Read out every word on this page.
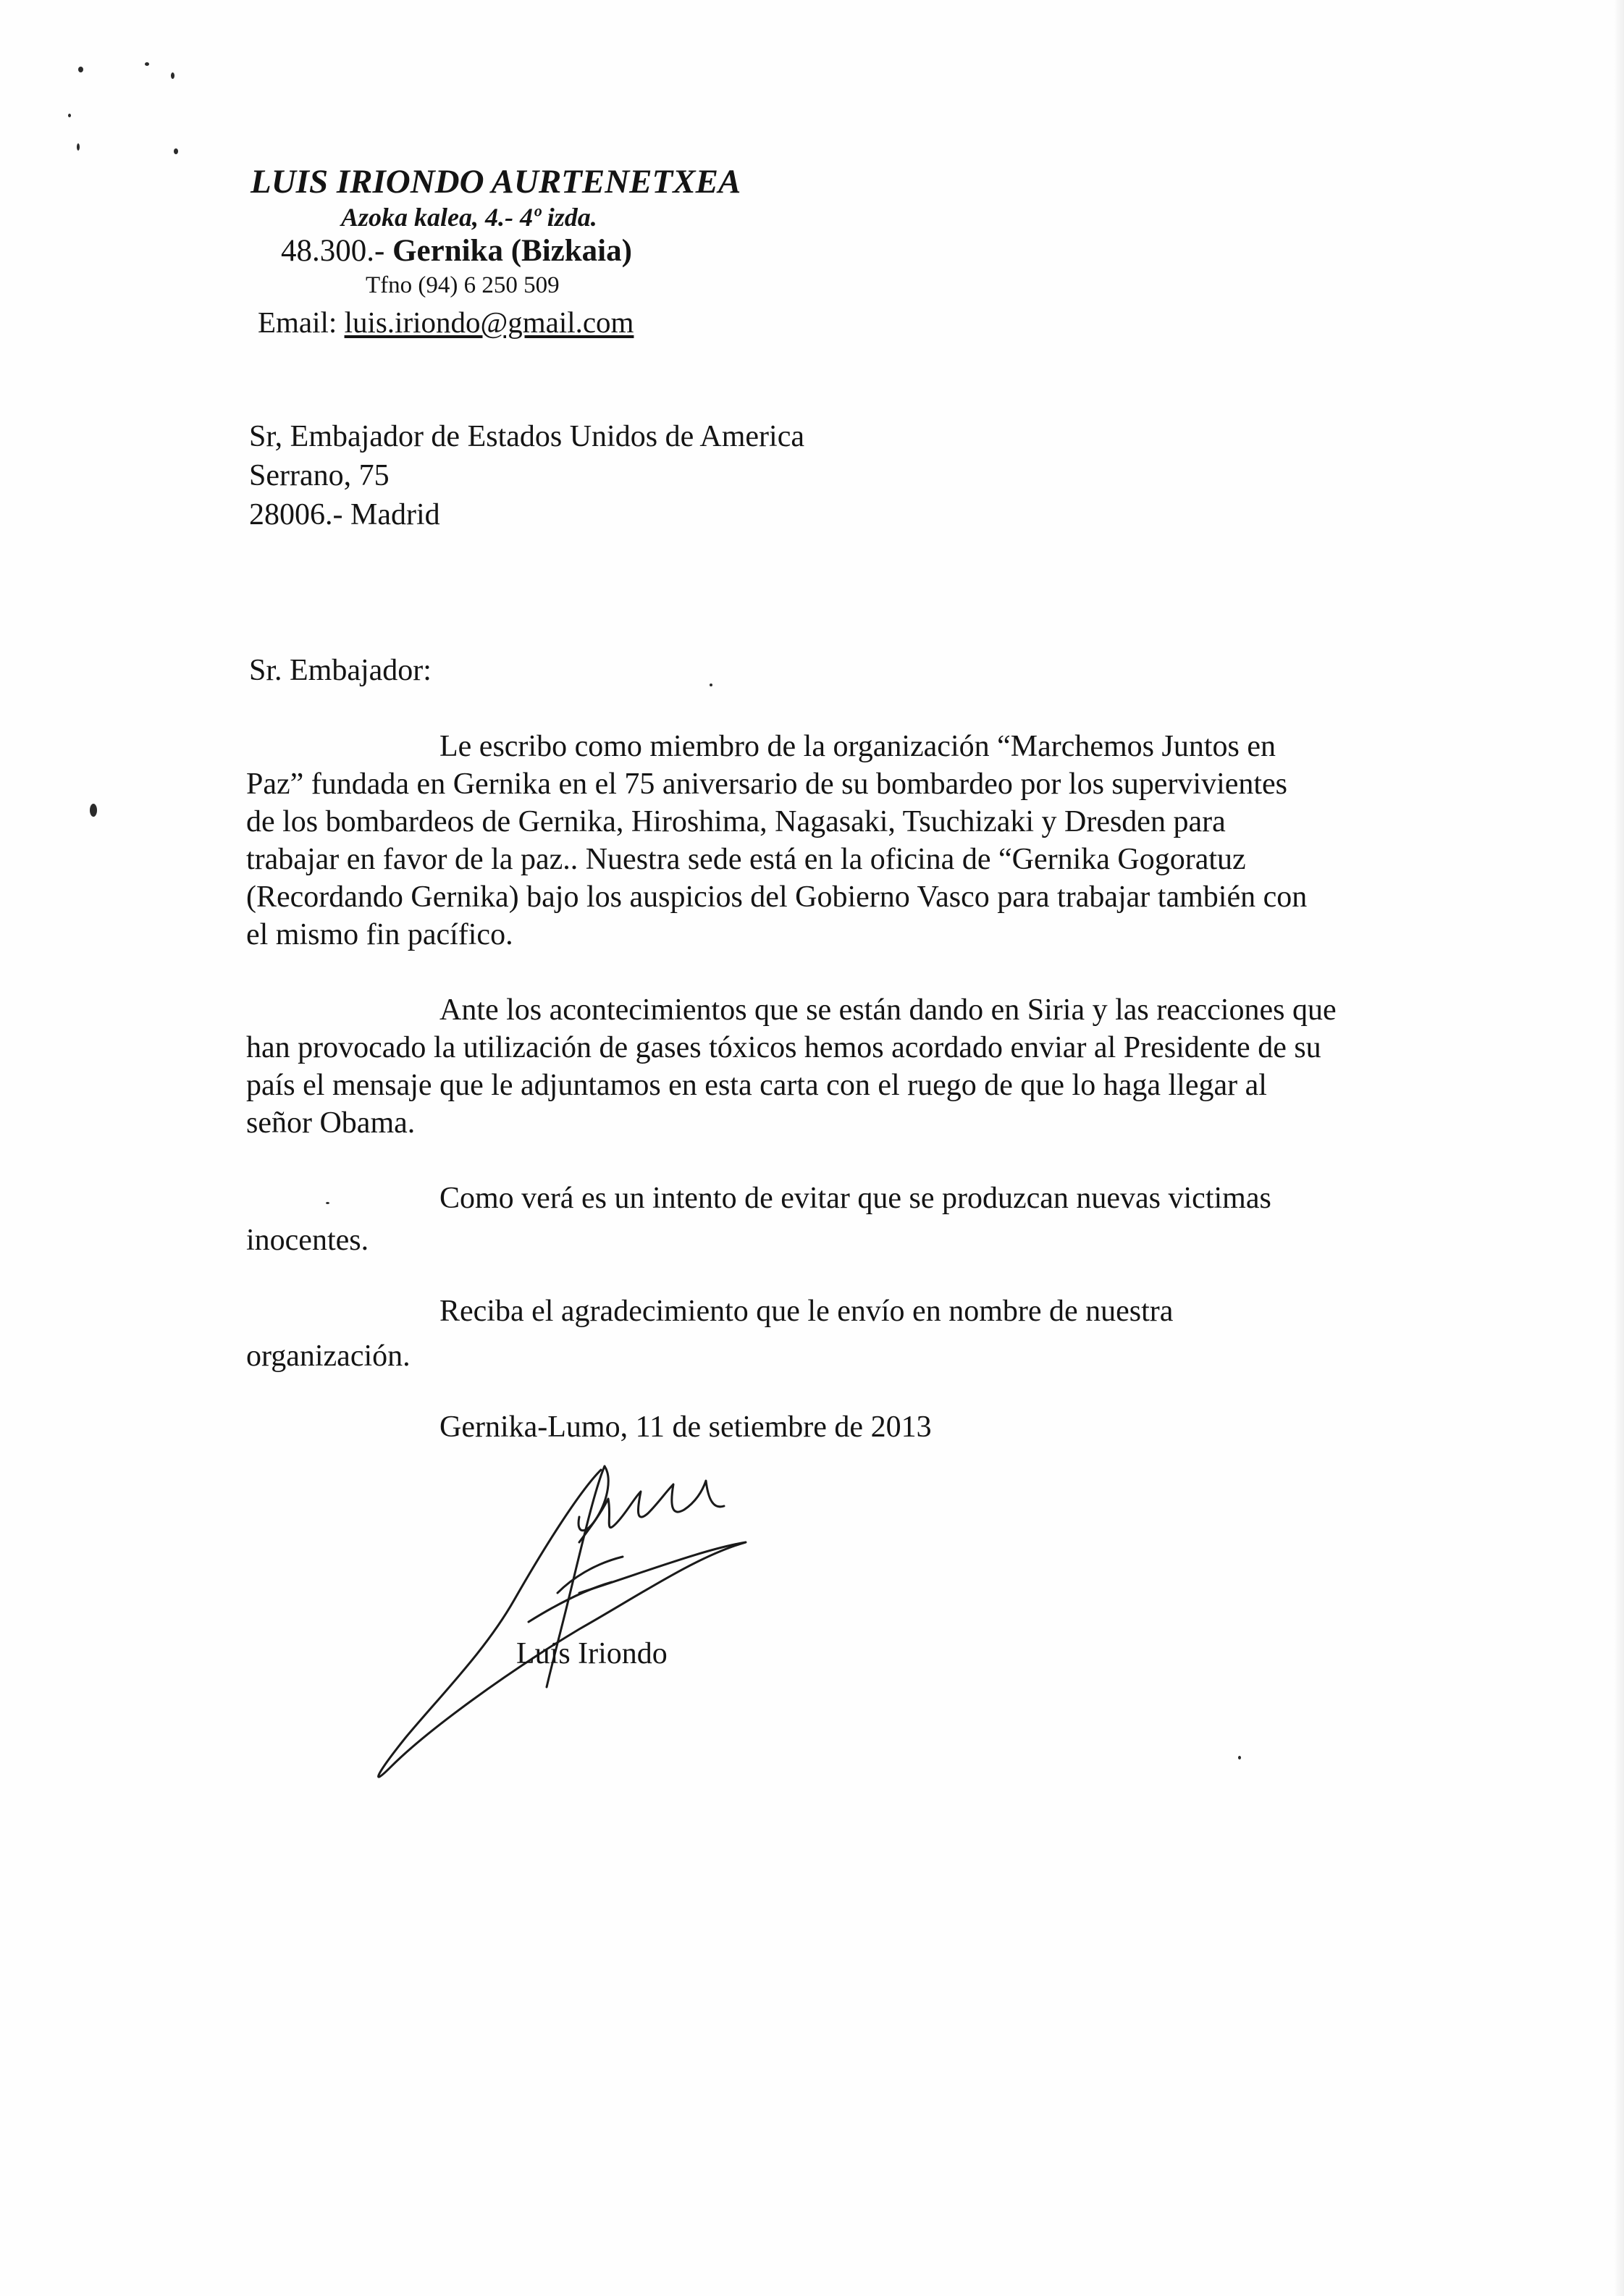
LUIS IRIONDO AURTENETXEA
Azoka kalea, 4.- 4º izda.
48.300.- Gernika (Bizkaia)
Tfno (94) 6 250 509
Email: luis.iriondo@gmail.com
Sr, Embajador de Estados Unidos de America
Serrano, 75
28006.- Madrid
Sr. Embajador:
Le escribo como miembro de la organización “Marchemos Juntos en
Paz” fundada en Gernika en el 75 aniversario de su bombardeo por los supervivientes
de los bombardeos de Gernika, Hiroshima, Nagasaki, Tsuchizaki y Dresden para
trabajar en favor de la paz.. Nuestra sede está en la oficina de “Gernika Gogoratuz
(Recordando Gernika) bajo los auspicios del Gobierno Vasco para trabajar también con
el mismo fin pacífico.
Ante los acontecimientos que se están dando en Siria y las reacciones que
han provocado la utilización de gases tóxicos hemos acordado enviar al Presidente de su
país el mensaje que le adjuntamos en esta carta con el ruego de que lo haga llegar al
señor Obama.
Como verá es un intento de evitar que se produzcan nuevas victimas
inocentes.
Reciba el agradecimiento que le envío en nombre de nuestra
organización.
Gernika-Lumo, 11 de setiembre de 2013
Luis Iriondo
